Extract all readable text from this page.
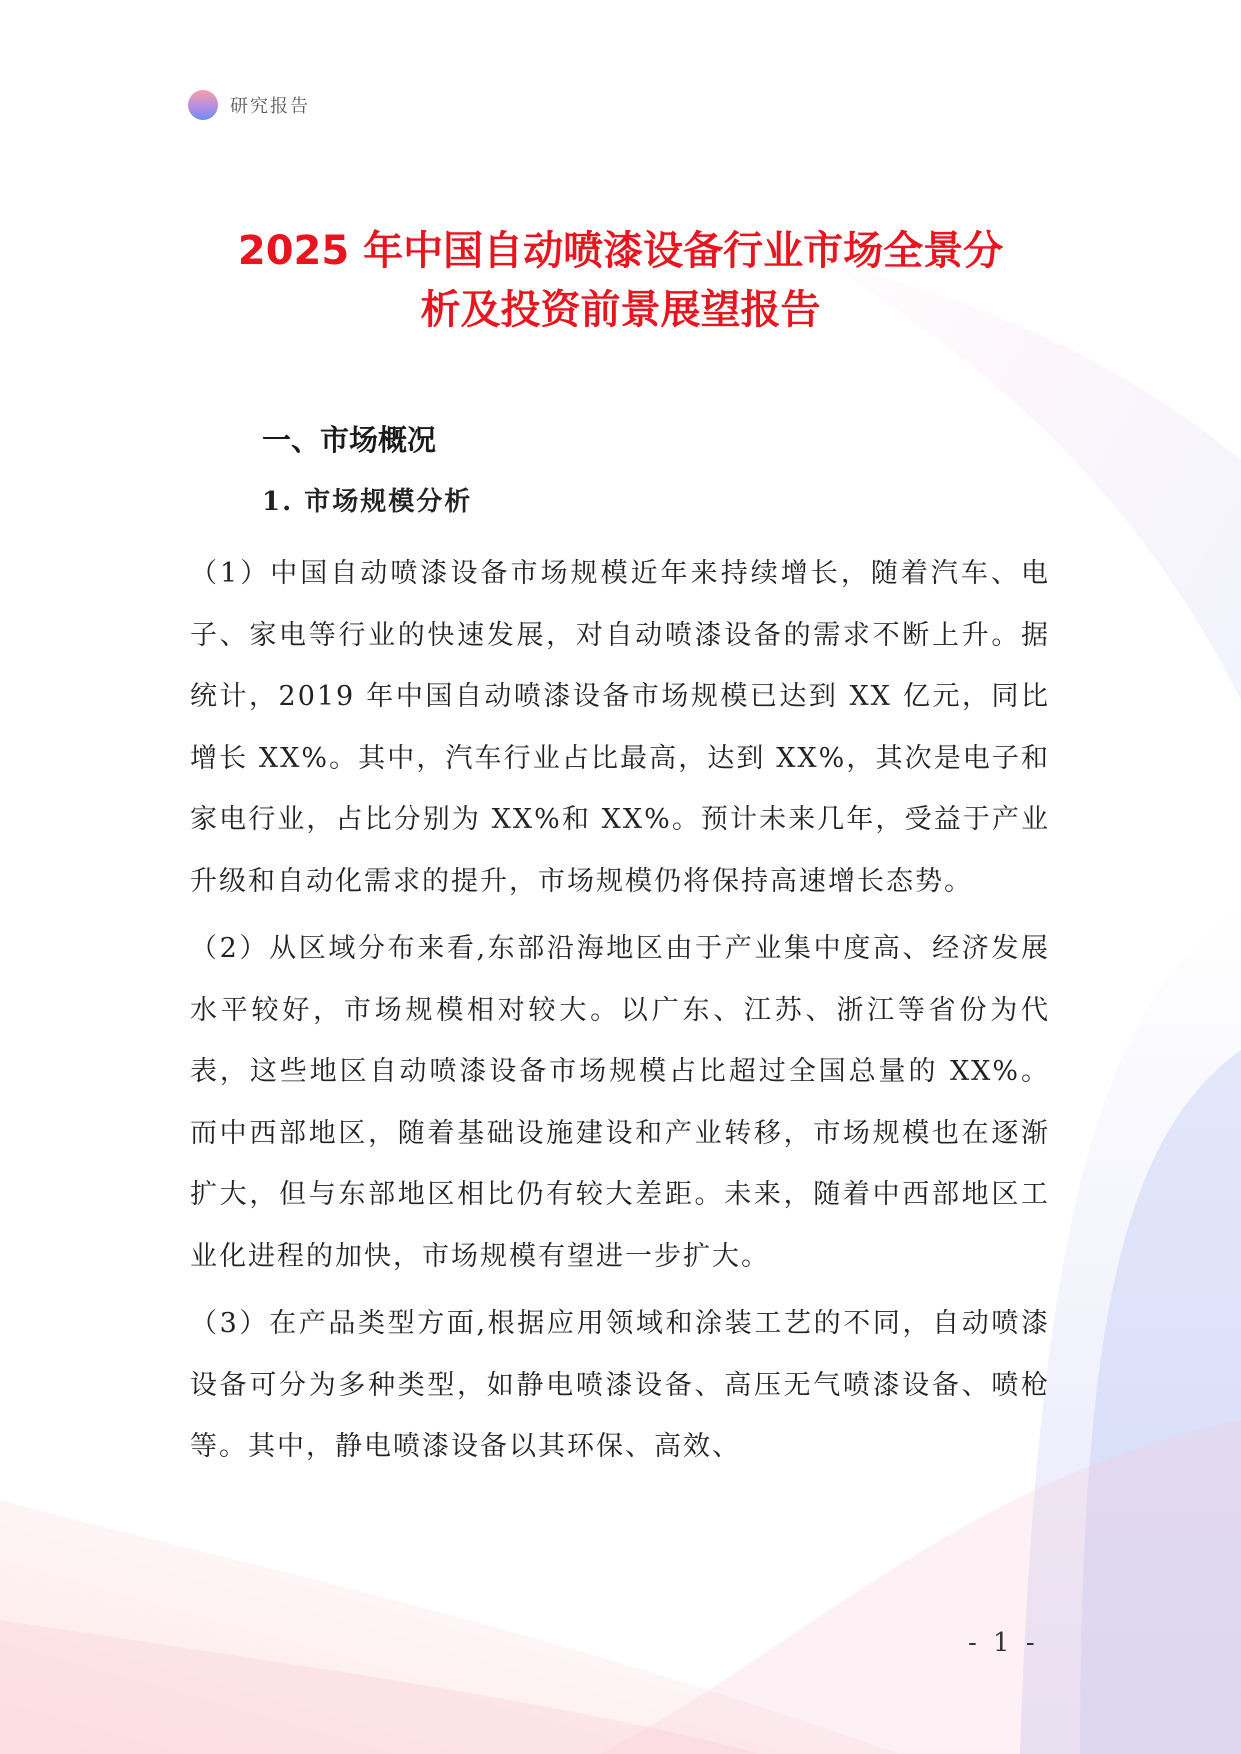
研究报告
2025 年中国自动喷漆设备行业市场全景分
析及投资前景展望报告
一、市场概况
1. 市场规模分析

（1）中国自动喷漆设备市场规模近年来持续增长，随着汽车、电子、家电等行业的快速发展，对自动喷漆设备的需求不断上升。据统计，2019 年中国自动喷漆设备市场规模已达到 XX 亿元，同比增长 XX%。其中，汽车行业占比最高，达到 XX%，其次是电子和家电行业，占比分别为 XX%和 XX%。预计未来几年，受益于产业升级和自动化需求的提升，市场规模仍将保持高速增长态势。

（2）从区域分布来看,东部沿海地区由于产业集中度高、经济发展水平较好，市场规模相对较大。以广东、江苏、浙江等省份为代表，这些地区自动喷漆设备市场规模占比超过全国总量的 XX%。而中西部地区，随着基础设施建设和产业转移，市场规模也在逐渐扩大，但与东部地区相比仍有较大差距。未来，随着中西部地区工业化进程的加快，市场规模有望进一步扩大。

（3）在产品类型方面,根据应用领域和涂装工艺的不同，自动喷漆设备可分为多种类型，如静电喷漆设备、高压无气喷漆设备、喷枪等。其中，静电喷漆设备以其环保、高效、

- 1 -
